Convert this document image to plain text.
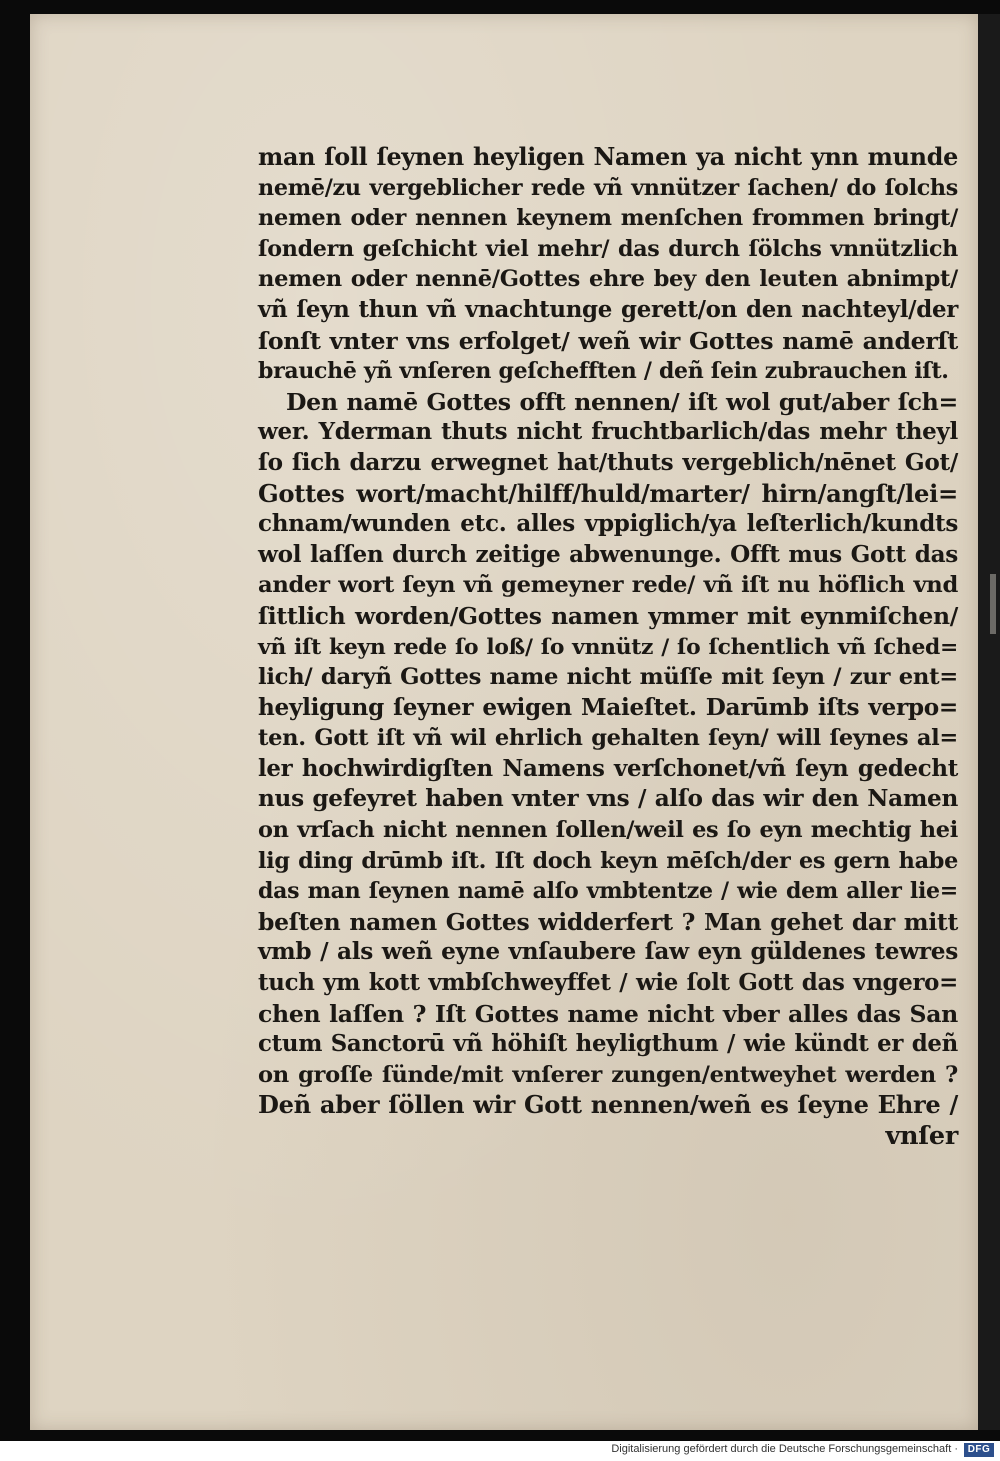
man ſoll ſeynen heyligen Namen ya nicht ynn munde
nemē/zu vergeblicher rede vñ vnnützer ſachen/ do ſolchs
nemen oder nennen keynem menſchen frommen bringt/
ſondern geſchicht viel mehr/ das durch ſölchs vnnützlich
nemen oder nennē/Gottes ehre bey den leuten abnimpt/
vñ ſeyn thun vñ vnachtunge gerett/on den nachteyl/der
ſonſt vnter vns erfolget/ weñ wir Gottes namē anderſt
brauchē yñ vnſeren geſchefften / deñ ſein zubrauchen iſt.
Den namē Gottes offt nennen/ iſt wol gut/aber ſch=
wer. Yderman thuts nicht fruchtbarlich/das mehr theyl
ſo ſich darzu erwegnet hat/thuts vergeblich/nēnet Got/
Gottes wort/macht/hilff/huld/marter/ hirn/angſt/lei=
chnam/wunden etc. alles vppiglich/ya leſterlich/kundts
wol laſſen durch zeitige abwenunge. Offt mus Gott das
ander wort ſeyn vñ gemeyner rede/ vñ iſt nu höflich vnd
ſittlich worden/Gottes namen ymmer mit eynmiſchen/
vñ iſt keyn rede ſo loß/ ſo vnnütz / ſo ſchentlich vñ ſched=
lich/ daryñ Gottes name nicht müſſe mit ſeyn / zur ent=
heyligung ſeyner ewigen Maieſtet. Darūmb iſts verpo=
ten. Gott iſt vñ wil ehrlich gehalten ſeyn/ will ſeynes al=
ler hochwirdigſten Namens verſchonet/vñ ſeyn gedecht
nus gefeyret haben vnter vns / alſo das wir den Namen
on vrſach nicht nennen ſollen/weil es ſo eyn mechtig hei
lig ding drūmb iſt. Iſt doch keyn mēſch/der es gern habe
das man ſeynen namē alſo vmbtentze / wie dem aller lie=
beſten namen Gottes widderfert ? Man gehet dar mitt
vmb / als weñ eyne vnſaubere ſaw eyn güldenes tewres
tuch ym kott vmbſchweyffet / wie ſolt Gott das vngero=
chen laſſen ? Iſt Gottes name nicht vber alles das San
ctum Sanctorū vñ höhiſt heyligthum / wie kündt er deñ
on groſſe ſünde/mit vnſerer zungen/entweyhet werden ?
Deñ aber ſöllen wir Gott nennen/weñ es ſeyne Ehre /
vnſer
Digitalisierung gefördert durch die Deutsche Forschungsgemeinschaft · DFG
